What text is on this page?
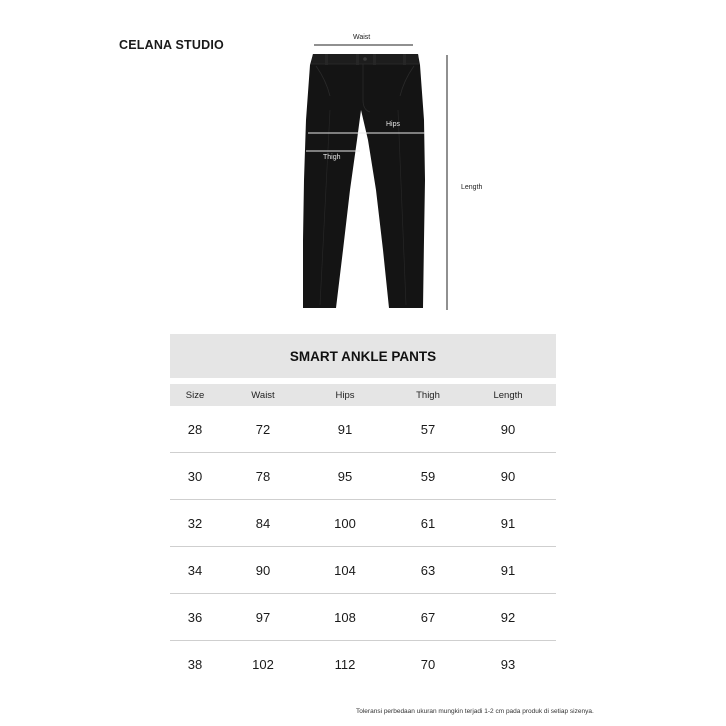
CELANA STUDIO
Waist
Hips
Thigh
Length
SMART ANKLE PANTS
Size	Waist	Hips	Thigh	Length
28	72	91	57	90
30	78	95	59	90
32	84	100	61	91
34	90	104	63	91
36	97	108	67	92
38	102	112	70	93
Toleransi perbedaan ukuran mungkin terjadi 1-2 cm pada produk di setiap sizenya.
